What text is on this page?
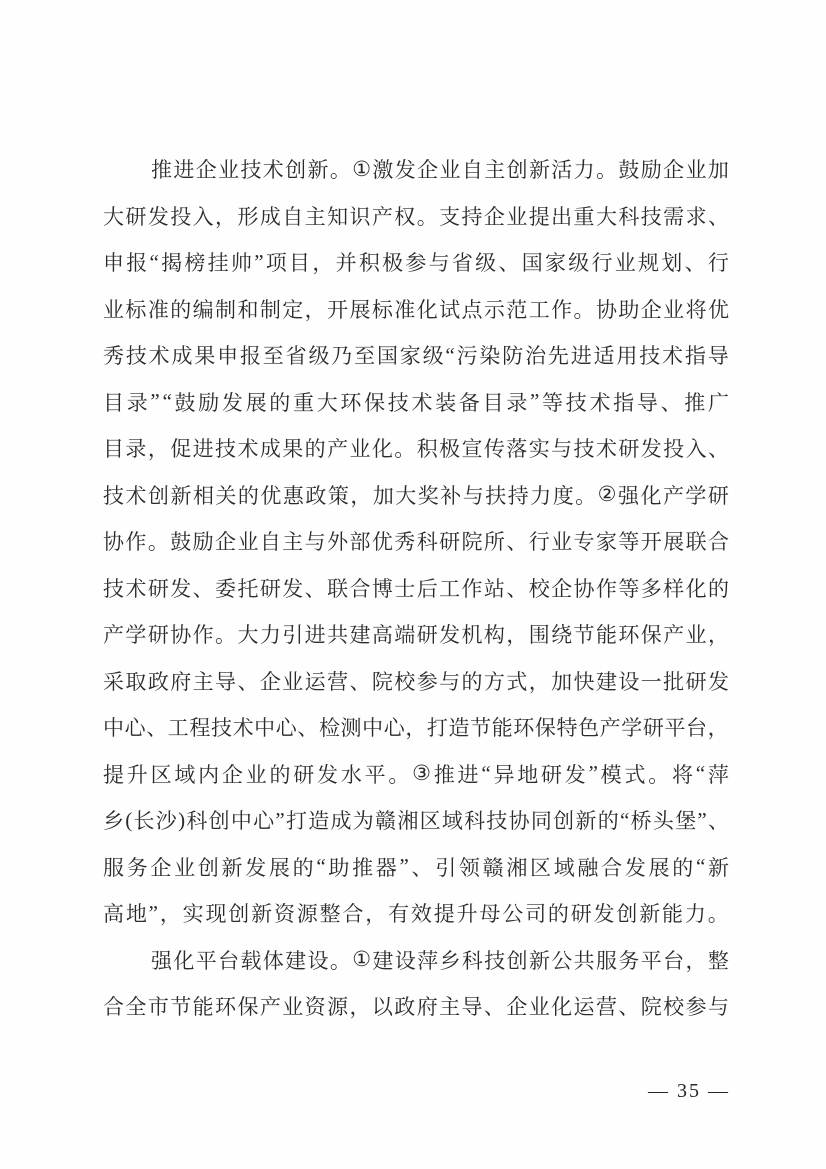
推 进 企 业 技 术 创 新 。 ① 激 发 企 业 自 主 创 新 活 力 。 鼓 励 企 业 加
大 研 发 投 入 ， 形 成 自 主 知 识 产 权 。 支 持 企 业 提 出 重 大 科 技 需 求 、
申 报 “ 揭 榜 挂 帅 ” 项 目 ， 并 积 极 参 与 省 级 、 国 家 级 行 业 规 划 、 行
业 标 准 的 编 制 和 制 定 ， 开 展 标 准 化 试 点 示 范 工 作 。 协 助 企 业 将 优
秀 技 术 成 果 申 报 至 省 级 乃 至 国 家 级 “ 污 染 防 治 先 进 适 用 技 术 指 导
目 录 ” “ 鼓 励 发 展 的 重 大 环 保 技 术 装 备 目 录 ” 等 技 术 指 导 、 推 广
目 录 ， 促 进 技 术 成 果 的 产 业 化 。 积 极 宣 传 落 实 与 技 术 研 发 投 入 、
技 术 创 新 相 关 的 优 惠 政 策 ， 加 大 奖 补 与 扶 持 力 度 。 ② 强 化 产 学 研
协 作 。 鼓 励 企 业 自 主 与 外 部 优 秀 科 研 院 所 、 行 业 专 家 等 开 展 联 合
技 术 研 发 、 委 托 研 发 、 联 合 博 士 后 工 作 站 、 校 企 协 作 等 多 样 化 的
产 学 研 协 作 。 大 力 引 进 共 建 高 端 研 发 机 构 ， 围 绕 节 能 环 保 产 业 ，
采 取 政 府 主 导 、 企 业 运 营 、 院 校 参 与 的 方 式 ， 加 快 建 设 一 批 研 发
中 心 、 工 程 技 术 中 心 、 检 测 中 心 ， 打 造 节 能 环 保 特 色 产 学 研 平 台 ，
提 升 区 域 内 企 业 的 研 发 水 平 。 ③ 推 进 “ 异 地 研 发 ” 模 式 。 将 “ 萍
乡 ( 长 沙 ) 科 创 中 心 ” 打 造 成 为 赣 湘 区 域 科 技 协 同 创 新 的 “ 桥 头 堡 ” 、
服 务 企 业 创 新 发 展 的 “ 助 推 器 ” 、 引 领 赣 湘 区 域 融 合 发 展 的 “ 新
高 地 ” ， 实 现 创 新 资 源 整 合 ， 有 效 提 升 母 公 司 的 研 发 创 新 能 力 。
强 化 平 台 载 体 建 设 。 ① 建 设 萍 乡 科 技 创 新 公 共 服 务 平 台 ， 整
合 全 市 节 能 环 保 产 业 资 源 ， 以 政 府 主 导 、 企 业 化 运 营 、 院 校 参 与
— 35 —
